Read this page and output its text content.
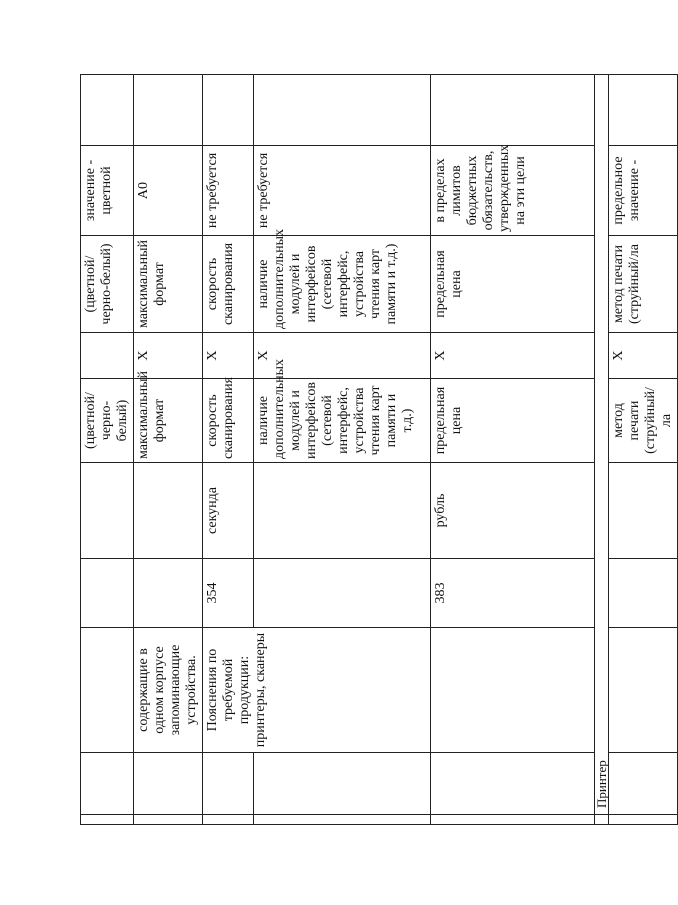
					(цветной/черно-белый)		(цветной/черно-белый)	значение - цветной	
		содержащие в одном корпусе запоминающие устройства.			максимальный формат	X	максимальный формат	A0	
		Пояснения по требуемой продукции: принтеры, сканеры	354	секунда	скорость сканирования	X	скорость сканирования	не требуется	
					наличие дополнительных модулей и интерфейсов (сетевой интерфейс, устройства чтения карт памяти и т.д.)	X	наличие дополнительных модулей и интерфейсов (сетевой интерфейс, устройства чтения карт памяти и т.д.)	не требуется	
			383	рубль	предельная цена	X	предельная цена	в пределах лимитов бюджетных обязательств, утвержденных на эти цели	
	Принтер								
					метод печати (струйный/ла	X	метод печати (струйный/ла	предельное значение -	
